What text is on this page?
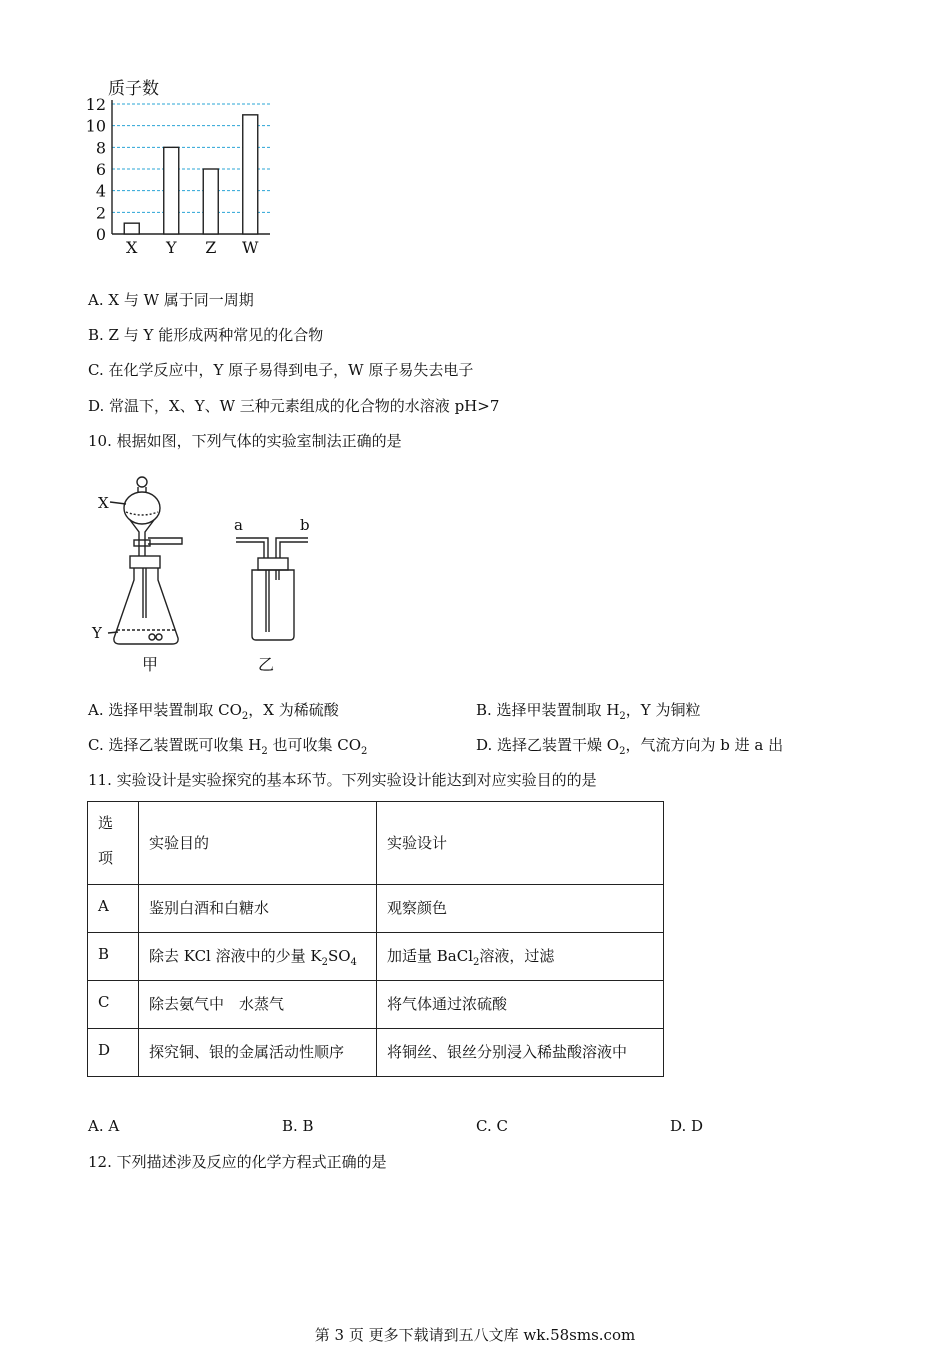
质子数
0
2
4
6
8
10
12
X Y Z W
A. X 与 W 属于同一周期
B. Z 与 Y 能形成两种常见的化合物
C. 在化学反应中，Y 原子易得到电子，W 原子易失去电子
D. 常温下，X、Y、W 三种元素组成的化合物的水溶液 pH>7
10. 根据如图，下列气体的实验室制法正确的是
X
Y
a	b
甲	乙
A. 选择甲装置制取 $CO_2$，X 为稀硫酸	B. 选择甲装置制取 $H_2$，Y 为铜粒
C. 选择乙装置既可收集 $H_2$ 也可收集 $CO_2$	D. 选择乙装置干燥 $O_2$，气流方向为 b 进 a 出
11. 实验设计是实验探究的基本环节。下列实验设计能达到对应实验目的的是
选
项	实验目的	实验设计
A	鉴别白酒和白糖水	观察颜色
B	除去 KCl 溶液中的少量 $K_2SO_4$	加适量 BaCl$_2$溶液，过滤
C	除去氨气中　水蒸气	将气体通过浓硫酸
D	探究铜、银的金属活动性顺序	将铜丝、银丝分别浸入稀盐酸溶液中
A. A	B. B	C. C	D. D
12. 下列描述涉及反应的化学方程式正确的是
第 3 页 更多下载请到五八文库 wk.58sms.com
